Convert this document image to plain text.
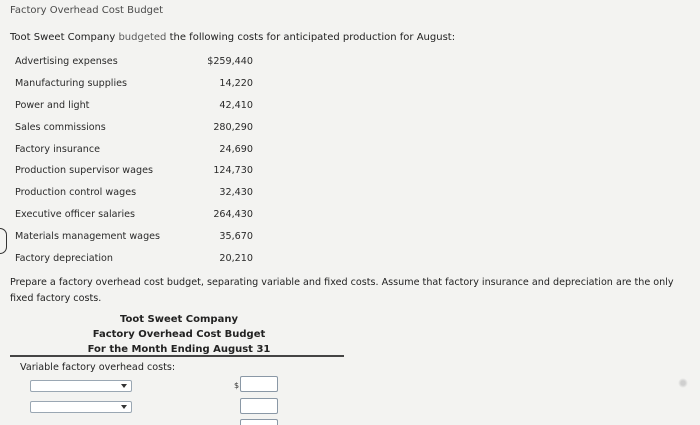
Factory Overhead Cost Budget
Toot Sweet Company budgeted the following costs for anticipated production for August:
Advertising expenses	$259,440
Manufacturing supplies	14,220
Power and light	42,410
Sales commissions	280,290
Factory insurance	24,690
Production supervisor wages	124,730
Production control wages	32,430
Executive officer salaries	264,430
Materials management wages	35,670
Factory depreciation	20,210
Prepare a factory overhead cost budget, separating variable and fixed costs. Assume that factory insurance and depreciation are the only fixed factory costs.
Toot Sweet Company
Factory Overhead Cost Budget
For the Month Ending August 31
Variable factory overhead costs:
$
